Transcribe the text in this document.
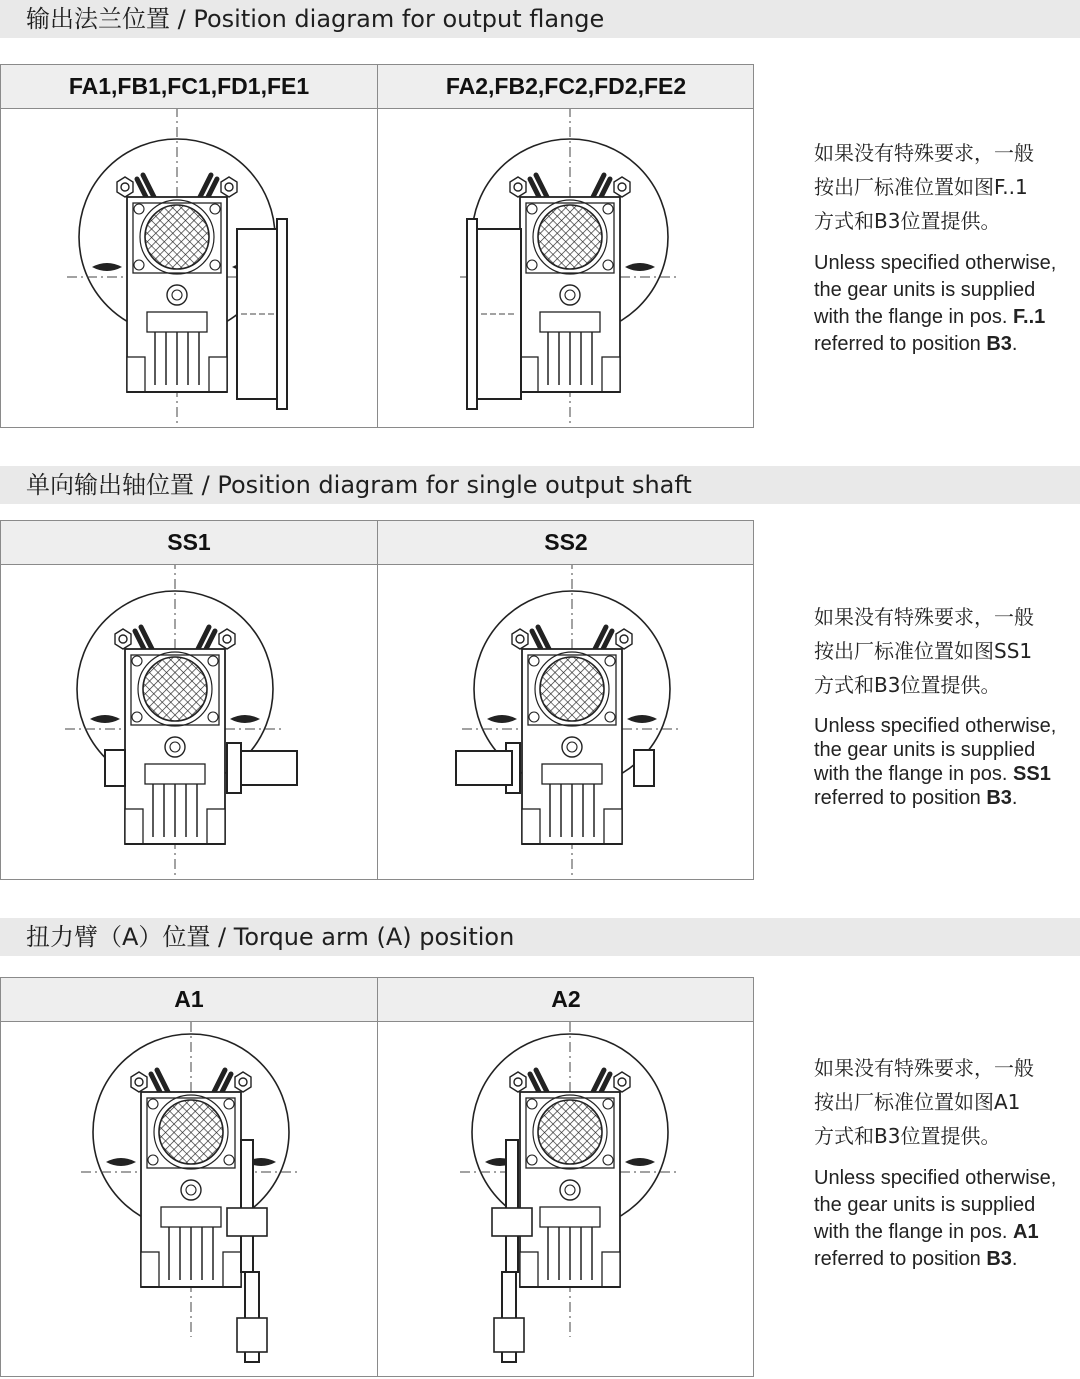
输出法兰位置 / Position diagram for output flange
FA1,FB1,FC1,FD1,FE1	FA2,FB2,FC2,FD2,FE2
如果没有特殊要求，一般
按出厂标准位置如图F..1
方式和B3位置提供。
Unless specified otherwise,
the gear units is supplied
with the flange in pos. F..1
referred to position B3.
单向输出轴位置 / Position diagram for single output shaft
SS1	SS2
如果没有特殊要求，一般
按出厂标准位置如图SS1
方式和B3位置提供。
Unless specified otherwise,
the gear units is supplied
with the flange in pos. SS1
referred to position B3.
扭力臂（A）位置 / Torque arm (A) position
A1	A2
如果没有特殊要求，一般
按出厂标准位置如图A1
方式和B3位置提供。
Unless specified otherwise,
the gear units is supplied
with the flange in pos. A1
referred to position B3.
